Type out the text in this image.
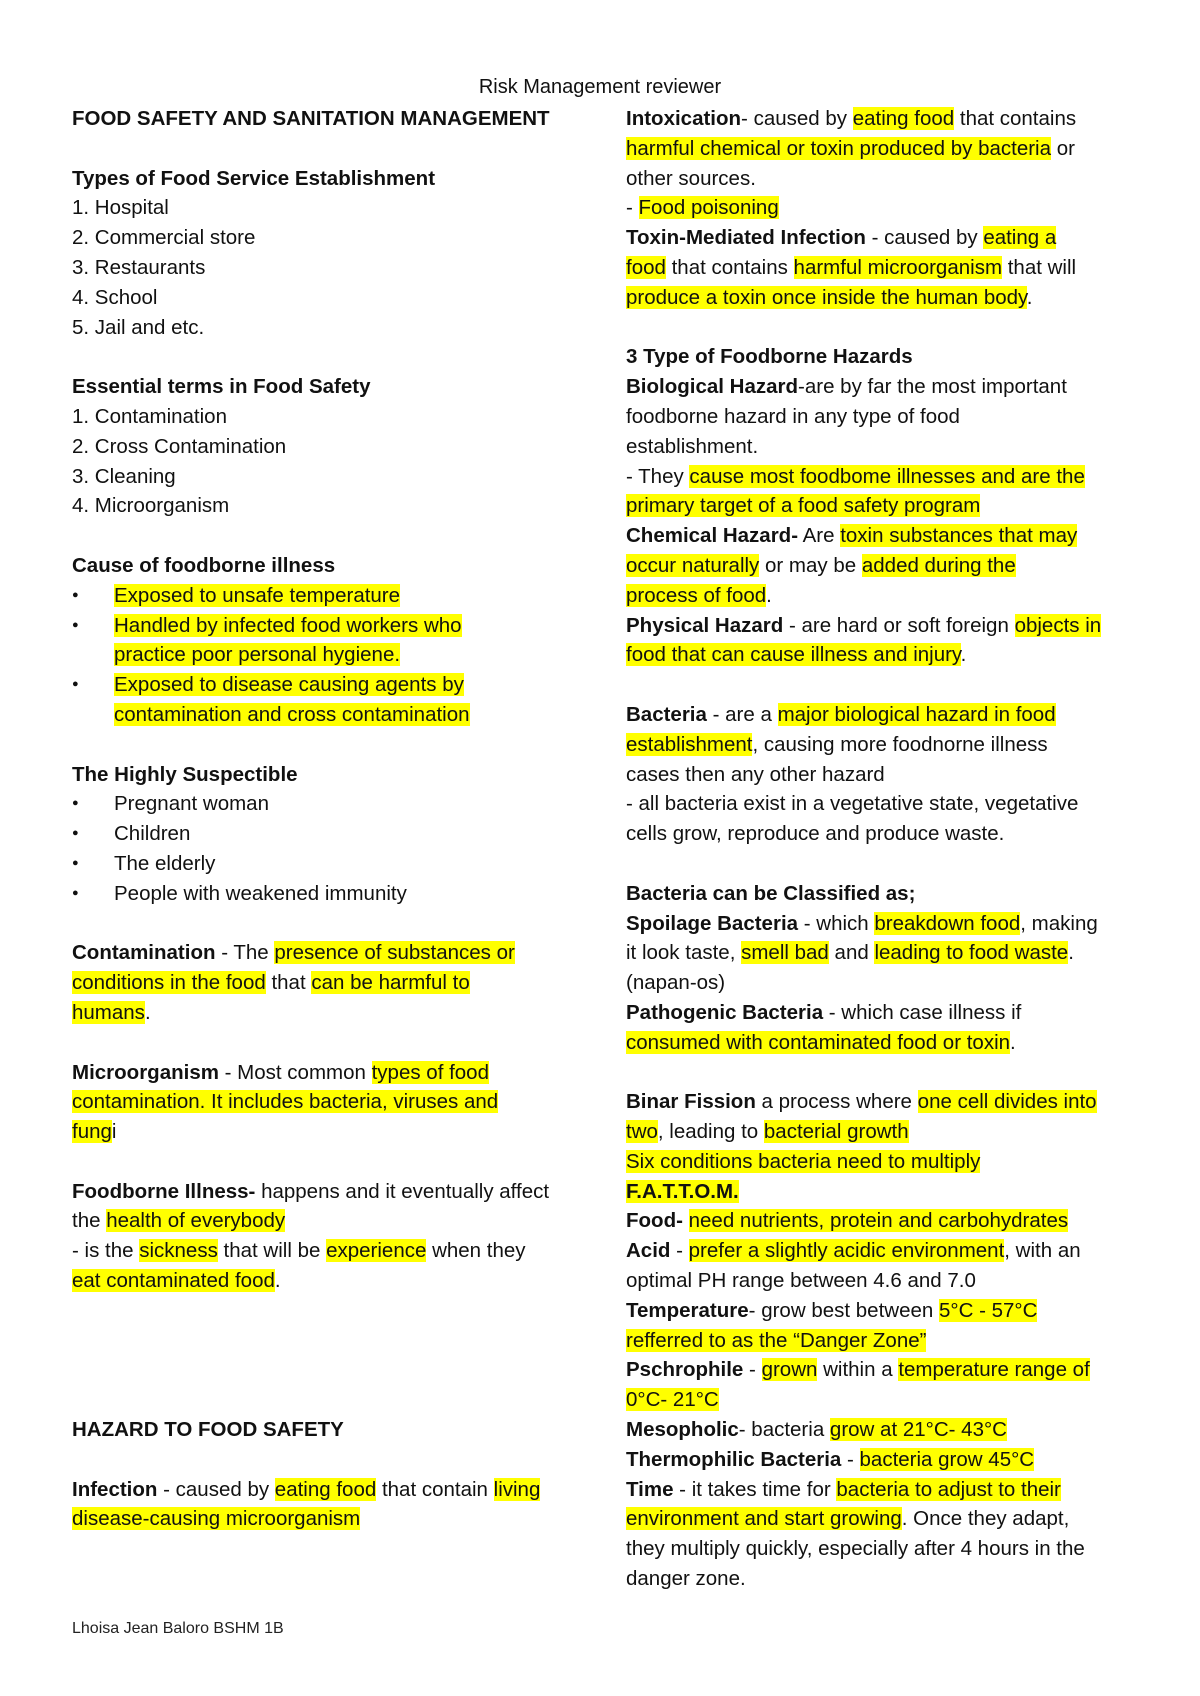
Risk Management reviewer
FOOD SAFETY AND SANITATION MANAGEMENT
Types of Food Service Establishment
1. Hospital
2. Commercial store
3. Restaurants
4. School
5. Jail and etc.
Essential terms in Food Safety
1. Contamination
2. Cross Contamination
3. Cleaning
4. Microorganism
Cause of foodborne illness
● Exposed to unsafe temperature
● Handled by infected food workers who
practice poor personal hygiene.
● Exposed to disease causing agents by
contamination and cross contamination
The Highly Suspectible
● Pregnant woman
● Children
● The elderly
● People with weakened immunity
Contamination - The presence of substances or
conditions in the food that can be harmful to
humans.
Microorganism - Most common types of food
contamination. It includes bacteria, viruses and
fungi
Foodborne Illness- happens and it eventually affect
the health of everybody
- is the sickness that will be experience when they
eat contaminated food.
HAZARD TO FOOD SAFETY
Infection - caused by eating food that contain living
disease-causing microorganism
Intoxication- caused by eating food that contains
harmful chemical or toxin produced by bacteria or
other sources.
- Food poisoning
Toxin-Mediated Infection - caused by eating a
food that contains harmful microorganism that will
produce a toxin once inside the human body.
3 Type of Foodborne Hazards
Biological Hazard-are by far the most important
foodborne hazard in any type of food
establishment.
- They cause most foodbome illnesses and are the
primary target of a food safety program
Chemical Hazard- Are toxin substances that may
occur naturally or may be added during the
process of food.
Physical Hazard - are hard or soft foreign objects in
food that can cause illness and injury.
Bacteria - are a major biological hazard in food
establishment, causing more foodnorne illness
cases then any other hazard
- all bacteria exist in a vegetative state, vegetative
cells grow, reproduce and produce waste.
Bacteria can be Classified as;
Spoilage Bacteria - which breakdown food, making
it look taste, smell bad and leading to food waste.
(napan-os)
Pathogenic Bacteria - which case illness if
consumed with contaminated food or toxin.
Binar Fission a process where one cell divides into
two, leading to bacterial growth
Six conditions bacteria need to multiply
F.A.T.T.O.M.
Food- need nutrients, protein and carbohydrates
Acid - prefer a slightly acidic environment, with an
optimal PH range between 4.6 and 7.0
Temperature- grow best between 5°C - 57°C
refferred to as the “Danger Zone”
Pschrophile - grown within a temperature range of
0°C- 21°C
Mesopholic- bacteria grow at 21°C- 43°C
Thermophilic Bacteria - bacteria grow 45°C
Time - it takes time for bacteria to adjust to their
environment and start growing. Once they adapt,
they multiply quickly, especially after 4 hours in the
danger zone.
Lhoisa Jean Baloro BSHM 1B
